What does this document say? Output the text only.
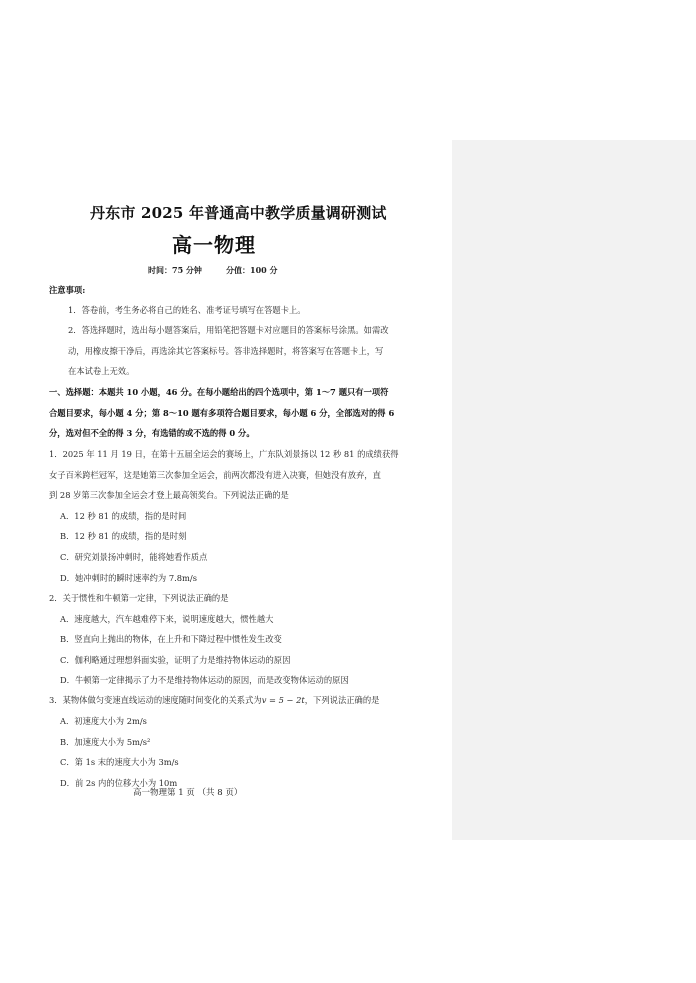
丹东市 2025 年普通高中教学质量调研测试
高一物理
时间：75 分钟	分值：100 分
注意事项:
1．答卷前，考生务必将自己的姓名、准考证号填写在答题卡上。
2．答选择题时，选出每小题答案后，用铅笔把答题卡对应题目的答案标号涂黑。如需改
动，用橡皮擦干净后，再选涂其它答案标号。答非选择题时，将答案写在答题卡上，写
在本试卷上无效。
一、选择题：本题共 10 小题，46 分。在每小题给出的四个选项中，第 1～7 题只有一项符
合题目要求，每小题 4 分；第 8～10 题有多项符合题目要求，每小题 6 分，全部选对的得 6
分，选对但不全的得 3 分，有选错的或不选的得 0 分。
1．2025 年 11 月 19 日，在第十五届全运会的赛场上，广东队刘景扬以 12 秒 81 的成绩获得
女子百米跨栏冠军，这是她第三次参加全运会，前两次都没有进入决赛，但她没有放弃，直
到 28 岁第三次参加全运会才登上最高领奖台。下列说法正确的是
A．12 秒 81 的成绩，指的是时间
B．12 秒 81 的成绩，指的是时刻
C．研究刘景扬冲刺时，能将她看作质点
D．她冲刺时的瞬时速率约为 7.8m/s
2．关于惯性和牛顿第一定律，下列说法正确的是
A．速度越大，汽车越难停下来，说明速度越大，惯性越大
B．竖直向上抛出的物体，在上升和下降过程中惯性发生改变
C．伽利略通过理想斜面实验，证明了力是维持物体运动的原因
D．牛顿第一定律揭示了力不是维持物体运动的原因，而是改变物体运动的原因
3．某物体做匀变速直线运动的速度随时间变化的关系式为v = 5 − 2t，下列说法正确的是
A．初速度大小为 2m/s
B．加速度大小为 5m/s²
C．第 1s 末的速度大小为 3m/s
D．前 2s 内的位移大小为 10m
高一物理第 1 页 （共 8 页）
